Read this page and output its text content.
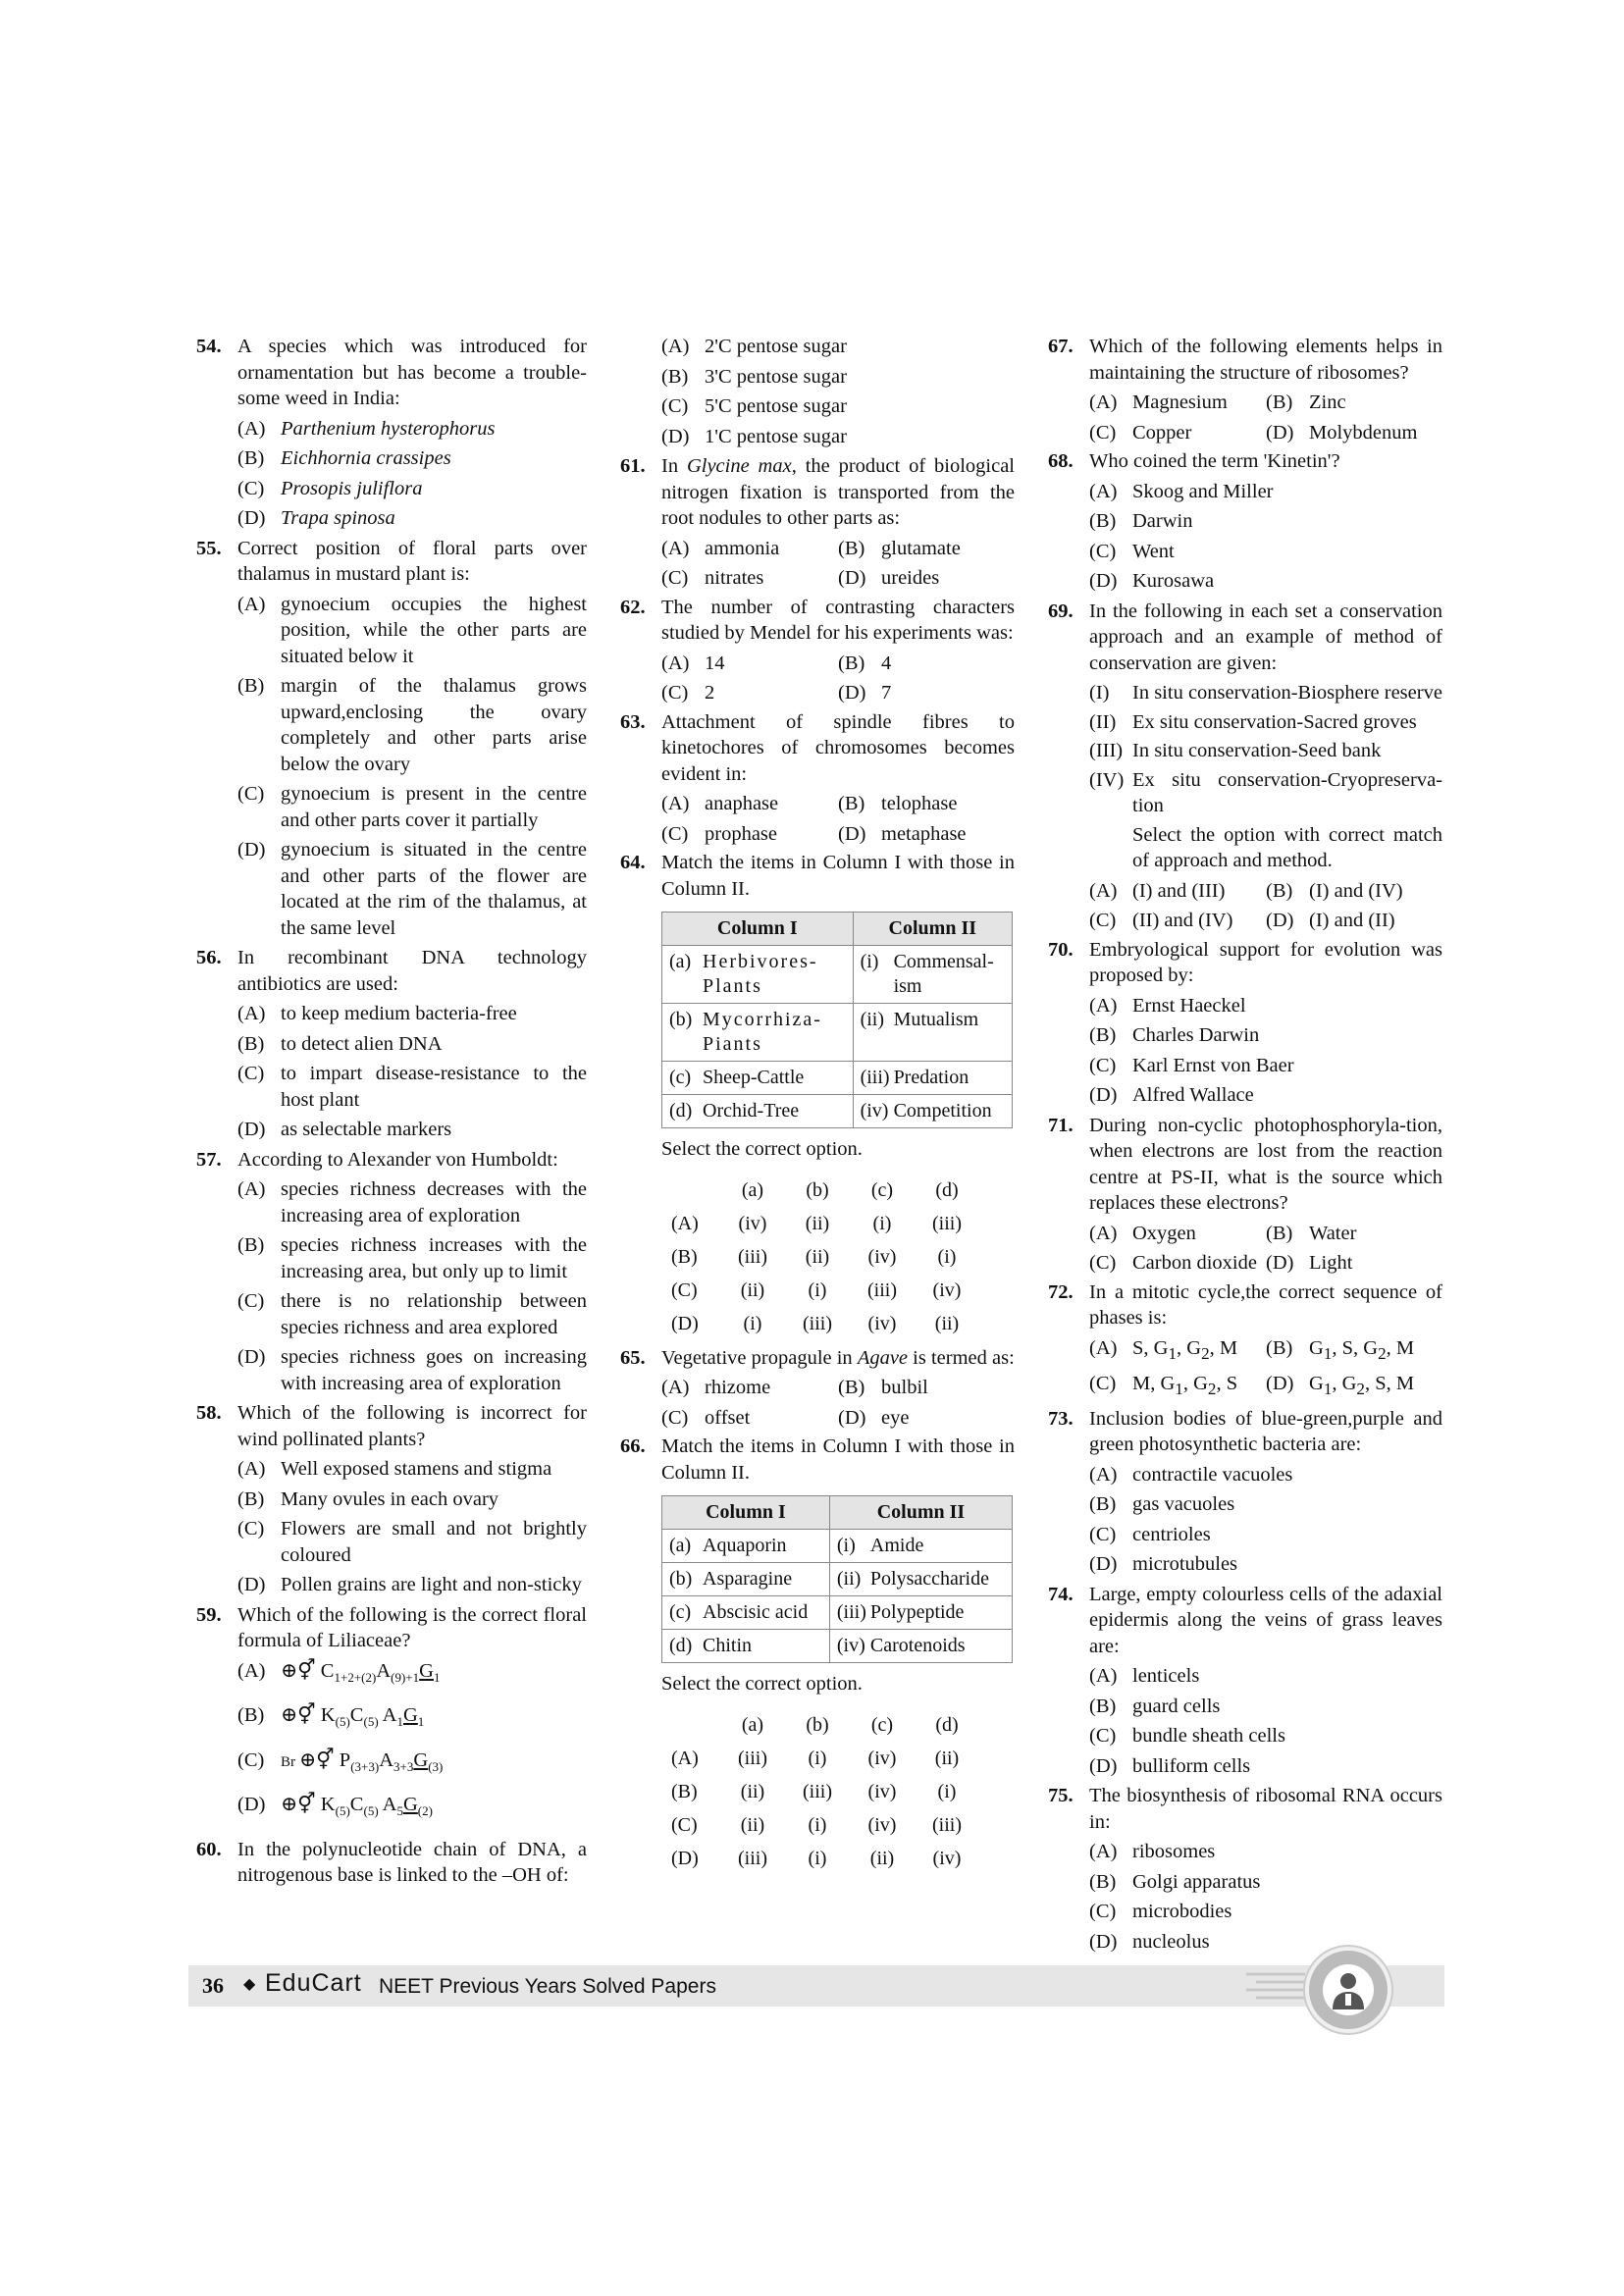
54. A species which was introduced for ornamentation but has become a trouble-some weed in India:
(A) Parthenium hysterophorus
(B) Eichhornia crassipes
(C) Prosopis juliflora
(D) Trapa spinosa
55. Correct position of floral parts over thalamus in mustard plant is:
(A) gynoecium occupies the highest position, while the other parts are situated below it
(B) margin of the thalamus grows upward,enclosing the ovary completely and other parts arise below the ovary
(C) gynoecium is present in the centre and other parts cover it partially
(D) gynoecium is situated in the centre and other parts of the flower are located at the rim of the thalamus, at the same level
56. In recombinant DNA technology antibiotics are used:
(A) to keep medium bacteria-free
(B) to detect alien DNA
(C) to impart disease-resistance to the host plant
(D) as selectable markers
57. According to Alexander von Humboldt:
(A) species richness decreases with the increasing area of exploration
(B) species richness increases with the increasing area, but only up to limit
(C) there is no relationship between species richness and area explored
(D) species richness goes on increasing with increasing area of exploration
58. Which of the following is incorrect for wind pollinated plants?
(A) Well exposed stamens and stigma
(B) Many ovules in each ovary
(C) Flowers are small and not brightly coloured
(D) Pollen grains are light and non-sticky
59. Which of the following is the correct floral formula of Liliaceae?
(A) ⊕⚥ $C_{1+2+(2)}A_{(9)+1}G_1$
(B) ⊕⚥ $K_{(5)}C_{(5)}$ $A_1G_1$
(C)	Br ⊕⚥ $P_{(3+3)}A_{3+3}G_{(3)}$
(D) ⊕⚥ $K_{(5)}C_{(5)}$ $A_5G_{(2)}$
60. In the polynucleotide chain of DNA, a nitrogenous base is linked to the –OH of:
(A) 2'C pentose sugar
(B) 3'C pentose sugar
(C) 5'C pentose sugar
(D) 1'C pentose sugar
61. In Glycine max, the product of biological nitrogen fixation is transported from the root nodules to other parts as:
(A) ammonia	(B) glutamate
(C) nitrates	(D) ureides
62. The number of contrasting characters studied by Mendel for his experiments was:
(A) 14	(B) 4
(C) 2	(D) 7
63. Attachment of spindle fibres to kinetochores of chromosomes becomes evident in:
(A) anaphase	(B) telophase
(C) prophase	(D) metaphase
64. Match the items in Column I with those in Column II.
Column I	Column II

(a) Herbivores-Plants	(i) Commensal-ism

(b) Mycorrhiza-Piants	(ii) Mutualism

(c) Sheep-Cattle	(iii) Predation

(d) Orchid-Tree	(iv) Competition
Select the correct option.
	(a)	(b)	(c)	(d)
(A)	(iv)	(ii)	(i)	(iii)
(B)	(iii)	(ii)	(iv)	(i)
(C)	(ii)	(i)	(iii)	(iv)
(D)	(i)	(iii)	(iv)	(ii)
65. Vegetative propagule in Agave is termed as:
(A) rhizome	(B) bulbil
(C) offset	(D) eye
66. Match the items in Column I with those in Column II.
Column I	Column II

(a) Aquaporin	(i) Amide

(b) Asparagine	(ii) Polysaccharide

(c) Abscisic acid	(iii) Polypeptide

(d) Chitin	(iv) Carotenoids
Select the correct option.
	(a)	(b)	(c)	(d)
(A)	(iii)	(i)	(iv)	(ii)
(B)	(ii)	(iii)	(iv)	(i)
(C)	(ii)	(i)	(iv)	(iii)
(D)	(iii)	(i)	(ii)	(iv)
67. Which of the following elements helps in maintaining the structure of ribosomes?
(A) Magnesium	(B) Zinc
(C) Copper	(D) Molybdenum
68. Who coined the term 'Kinetin'?
(A) Skoog and Miller
(B) Darwin
(C) Went
(D) Kurosawa
69. In the following in each set a conservation approach and an example of method of conservation are given:
(I)	In situ conservation-Biosphere reserve
(II) Ex situ conservation-Sacred groves
(III) In situ conservation-Seed bank
(IV) Ex situ conservation-Cryopreserva-tion
Select the option with correct match of approach and method.
(A) (I) and (III)	(B) (I) and (IV)
(C) (II) and (IV)	(D) (I) and (II)
70. Embryological support for evolution was proposed by:
(A) Ernst Haeckel
(B) Charles Darwin
(C) Karl Ernst von Baer
(D) Alfred Wallace
71. During non-cyclic photophosphoryla-tion, when electrons are lost from the reaction centre at PS-II, what is the source which replaces these electrons?
(A) Oxygen	(B) Water
(C) Carbon dioxide (D) Light
72. In a mitotic cycle,the correct sequence of phases is:
(A) S, $G_1$, $G_2$, M	(B) $G_1$, S, $G_2$, M
(C) M, $G_1$, $G_2$, S	(D) $G_1$, $G_2$, S, M
73. Inclusion bodies of blue-green,purple and green photosynthetic bacteria are:
(A) contractile vacuoles
(B) gas vacuoles
(C) centrioles
(D) microtubules
74. Large, empty colourless cells of the adaxial epidermis along the veins of grass leaves are:
(A) lenticels
(B) guard cells
(C) bundle sheath cells
(D) bulliform cells
75. The biosynthesis of ribosomal RNA occurs in:
(A) ribosomes
(B) Golgi apparatus
(C) microbodies
(D) nucleolus
36 ◆ EduCart NEET Previous Years Solved Papers
